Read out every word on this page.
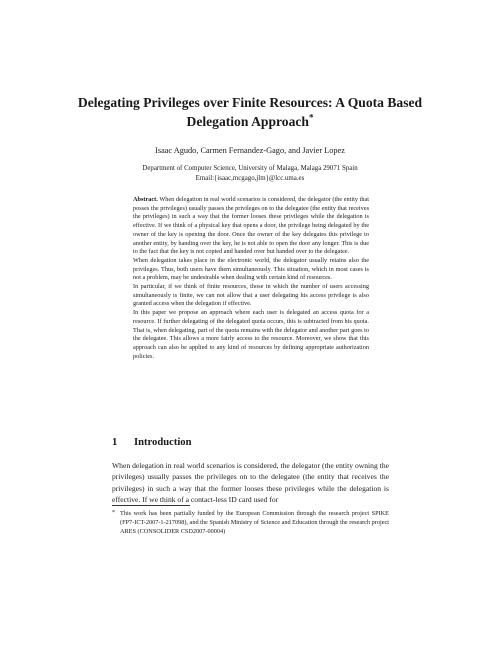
Delegating Privileges over Finite Resources: A Quota Based Delegation Approach*

Isaac Agudo, Carmen Fernandez-Gago, and Javier Lopez

Department of Computer Science, University of Malaga, Malaga 29071 Spain

Email:{isaac,mcgago,jlm}@lcc.uma.es

Abstract. When delegation in real world scenarios is considered, the delegator (the entity that posses the privileges) usually passes the privileges on to the delegatee (the entity that receives the privileges) in such a way that the former looses these privileges while the delegation is effective. If we think of a physical key that opens a door, the privilege being delegated by the owner of the key is opening the door. Once the owner of the key delegates this privilege to another entity, by handing over the key, he is not able to open the door any longer. This is due to the fact that the key is not copied and handed over but handed over to the delegatee.

When delegation takes place in the electronic world, the delegator usually retains also the privileges. Thus, both users have them simultaneously. This situation, which in most cases is not a problem, may be undesirable when dealing with certain kind of resources.

In particular, if we think of finite resources, those in which the number of users accessing simultaneously is finite, we can not allow that a user delegating his access privilege is also granted access when the delegation if effective.

In this paper we propose an approach where each user is delegated an access quota for a resource. If further delegating of the delegated quota occurs, this is subtracted from his quota. That is, when delegating, part of the quota remains with the delegator and another part goes to the delegatee. This allows a more fairly access to the resource. Moreover, we show that this approach can also be applied to any kind of resources by defining appropriate authorization policies.

1 Introduction

When delegation in real world scenarios is considered, the delegator (the entity owning the privileges) usually passes the privileges on to the delegatee (the entity that receives the privileges) in such a way that the former looses these privileges while the delegation is effective. If we think of a contact-less ID card used for

* This work has been partially funded by the European Commission through the research project SPIKE (FP7-ICT-2007-1-217098), and the Spanish Ministry of Science and Education through the research project ARES (CONSOLIDER CSD2007-00004)
